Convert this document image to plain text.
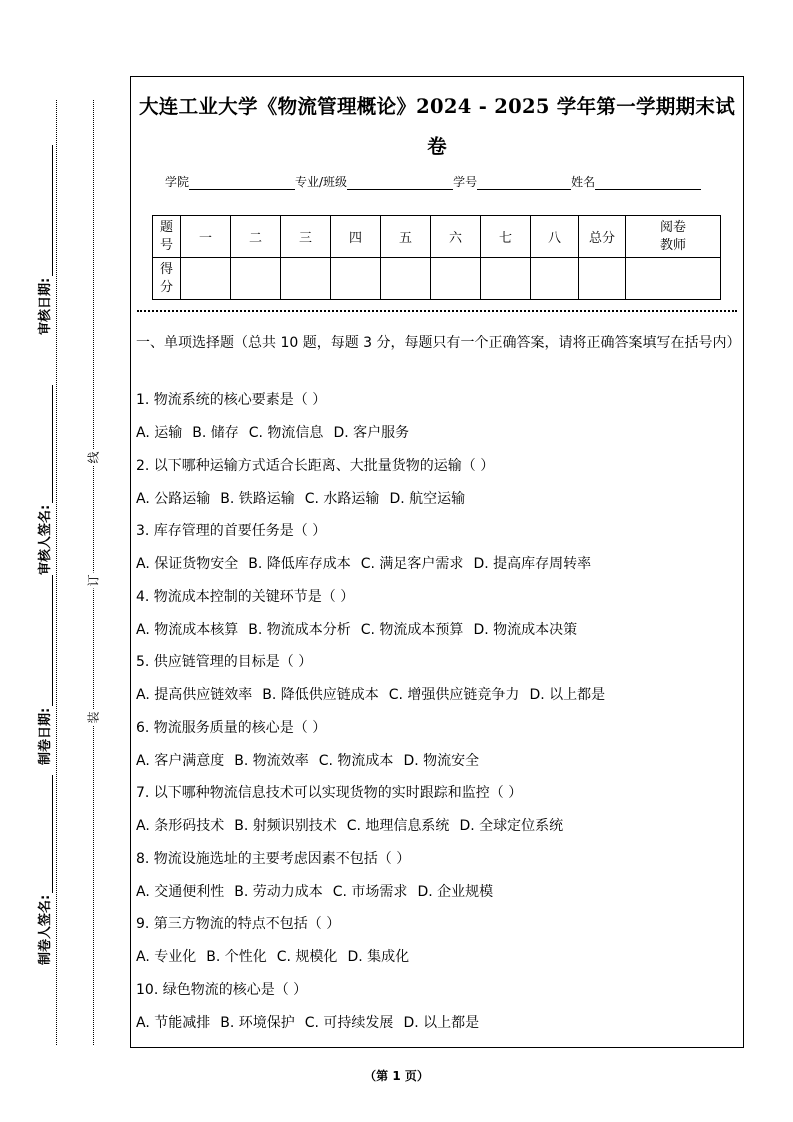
制卷人签名:
制卷日期:
审核人签名:
审核日期:
装
订
线
大连工业大学《物流管理概论》2024 - 2025 学年第一学期期末试
卷
学院	专业/班级	学号	姓名
题号	一	二	三	四	五	六	七	八	总分	阅卷教师
得分										
一、单项选择题（总共 10 题，每题 3 分，每题只有一个正确答案，请将正确答案填写在括号内）
1. 物流系统的核心要素是（ ）
A. 运输 B. 储存 C. 物流信息 D. 客户服务
2. 以下哪种运输方式适合长距离、大批量货物的运输（ ）
A. 公路运输 B. 铁路运输 C. 水路运输 D. 航空运输
3. 库存管理的首要任务是（ ）
A. 保证货物安全 B. 降低库存成本 C. 满足客户需求 D. 提高库存周转率
4. 物流成本控制的关键环节是（ ）
A. 物流成本核算 B. 物流成本分析 C. 物流成本预算 D. 物流成本决策
5. 供应链管理的目标是（ ）
A. 提高供应链效率 B. 降低供应链成本 C. 增强供应链竞争力 D. 以上都是
6. 物流服务质量的核心是（ ）
A. 客户满意度 B. 物流效率 C. 物流成本 D. 物流安全
7. 以下哪种物流信息技术可以实现货物的实时跟踪和监控（ ）
A. 条形码技术 B. 射频识别技术 C. 地理信息系统 D. 全球定位系统
8. 物流设施选址的主要考虑因素不包括（ ）
A. 交通便利性 B. 劳动力成本 C. 市场需求 D. 企业规模
9. 第三方物流的特点不包括（ ）
A. 专业化 B. 个性化 C. 规模化 D. 集成化
10. 绿色物流的核心是（ ）
A. 节能减排 B. 环境保护 C. 可持续发展 D. 以上都是
（第 1 页）
